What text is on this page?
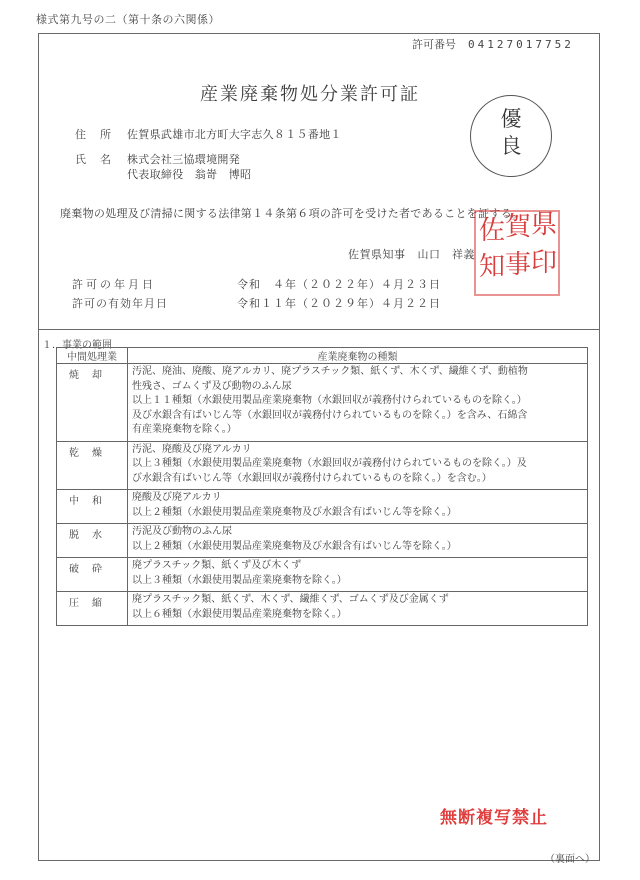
様式第九号の二（第十条の六関係）
許可番号 04127017752
産業廃棄物処分業許可証
優
良
住所 佐賀県武雄市北方町大字志久８１５番地１
氏名 株式会社三協環境開発
代表取締役　翁嵜　博昭
廃棄物の処理及び清掃に関する法律第１４条第６項の許可を受けた者であることを証する。
佐賀県知事 山口　祥義
佐 賀 県
知 事 印
許可の年月日	令和　４年（２０２２年）４月２３日
許可の有効年月日	令和１１年（２０２９年）４月２２日
１．事業の範囲
中間処理業	産業廃棄物の種類
焼却	汚泥、廃油、廃酸、廃アルカリ、廃プラスチック類、紙くず、木くず、繊維くず、動植物
性残さ、ゴムくず及び動物のふん尿
以上１１種類（水銀使用製品産業廃棄物（水銀回収が義務付けられているものを除く。）
及び水銀含有ばいじん等（水銀回収が義務付けられているものを除く。）を含み、石綿含
有産業廃棄物を除く。）

乾燥	汚泥、廃酸及び廃アルカリ
以上３種類（水銀使用製品産業廃棄物（水銀回収が義務付けられているものを除く。）及
び水銀含有ばいじん等（水銀回収が義務付けられているものを除く。）を含む。）

中和	廃酸及び廃アルカリ
以上２種類（水銀使用製品産業廃棄物及び水銀含有ばいじん等を除く。）

脱水	汚泥及び動物のふん尿
以上２種類（水銀使用製品産業廃棄物及び水銀含有ばいじん等を除く。）

破砕	廃プラスチック類、紙くず及び木くず
以上３種類（水銀使用製品産業廃棄物を除く。）

圧縮	廃プラスチック類、紙くず、木くず、繊維くず、ゴムくず及び金属くず
以上６種類（水銀使用製品産業廃棄物を除く。）
無断複写禁止
（裏面へ）
